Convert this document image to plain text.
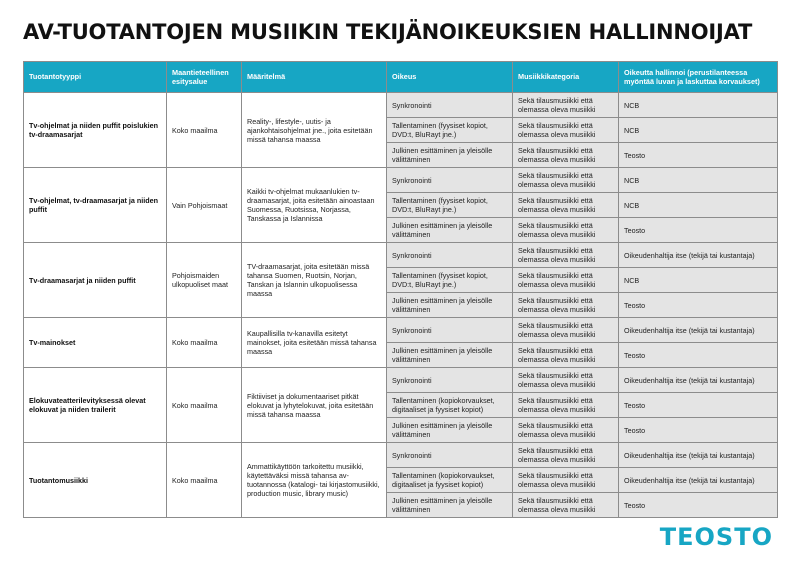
AV-TUOTANTOJEN MUSIIKIN TEKIJÄNOIKEUKSIEN HALLINNOIJAT
Tuotantotyyppi	Maantieteellinen esitysalue	Määritelmä	Oikeus	Musiikkikategoria	Oikeutta hallinnoi (perustilanteessa myöntää luvan ja laskuttaa korvaukset)
Tv-ohjelmat ja niiden puffit poislukien tv-draamasarjat	Koko maailma	Reality-, lifestyle-, uutis- ja ajankohtaisohjelmat jne., joita esitetään missä tahansa maassa	Synkronointi	Sekä tilausmusiikki että olemassa oleva musiikki	NCB
			Tallentaminen (fyysiset kopiot, DVD:t, BluRayt jne.)	Sekä tilausmusiikki että olemassa oleva musiikki	NCB
			Julkinen esittäminen ja yleisölle välittäminen	Sekä tilausmusiikki että olemassa oleva musiikki	Teosto
Tv-ohjelmat, tv-draamasarjat ja niiden puffit	Vain Pohjoismaat	Kaikki tv-ohjelmat mukaanlukien tv-draamasarjat, joita esitetään ainoastaan Suomessa, Ruotsissa, Norjassa, Tanskassa ja Islannissa	Synkronointi	Sekä tilausmusiikki että olemassa oleva musiikki	NCB
			Tallentaminen (fyysiset kopiot, DVD:t, BluRayt jne.)	Sekä tilausmusiikki että olemassa oleva musiikki	NCB
			Julkinen esittäminen ja yleisölle välittäminen	Sekä tilausmusiikki että olemassa oleva musiikki	Teosto
Tv-draamasarjat ja niiden puffit	Pohjoismaiden ulkopuoliset maat	TV-draamasarjat, joita esitetään missä tahansa Suomen, Ruotsin, Norjan, Tanskan ja Islannin ulkopuolisessa maassa	Synkronointi	Sekä tilausmusiikki että olemassa oleva musiikki	Oikeudenhaltija itse (tekijä tai kustantaja)
			Tallentaminen (fyysiset kopiot, DVD:t, BluRayt jne.)	Sekä tilausmusiikki että olemassa oleva musiikki	NCB
			Julkinen esittäminen ja yleisölle välittäminen	Sekä tilausmusiikki että olemassa oleva musiikki	Teosto
Tv-mainokset	Koko maailma	Kaupallisilla tv-kanavilla esitetyt mainokset, joita esitetään missä tahansa maassa	Synkronointi	Sekä tilausmusiikki että olemassa oleva musiikki	Oikeudenhaltija itse (tekijä tai kustantaja)
			Julkinen esittäminen ja yleisölle välittäminen	Sekä tilausmusiikki että olemassa oleva musiikki	Teosto
Elokuvateatterilevityksessä olevat elokuvat ja niiden trailerit	Koko maailma	Fiktiiviset ja dokumentaariset pitkät elokuvat ja lyhytelokuvat, joita esitetään missä tahansa maassa	Synkronointi	Sekä tilausmusiikki että olemassa oleva musiikki	Oikeudenhaltija itse (tekijä tai kustantaja)
			Tallentaminen (kopiokorvaukset, digitaaliset ja fyysiset kopiot)	Sekä tilausmusiikki että olemassa oleva musiikki	Teosto
			Julkinen esittäminen ja yleisölle välittäminen	Sekä tilausmusiikki että olemassa oleva musiikki	Teosto
Tuotantomusiikki	Koko maailma	Ammattikäyttöön tarkoitettu musiikki, käytettäväksi missä tahansa av-tuotannossa (katalogi- tai kirjastomusiikki, production music, library music)	Synkronointi	Sekä tilausmusiikki että olemassa oleva musiikki	Oikeudenhaltija itse (tekijä tai kustantaja)
			Tallentaminen (kopiokorvaukset, digitaaliset ja fyysiset kopiot)	Sekä tilausmusiikki että olemassa oleva musiikki	Oikeudenhaltija itse (tekijä tai kustantaja)
			Julkinen esittäminen ja yleisölle välittäminen	Sekä tilausmusiikki että olemassa oleva musiikki	Teosto
TEOSTO
